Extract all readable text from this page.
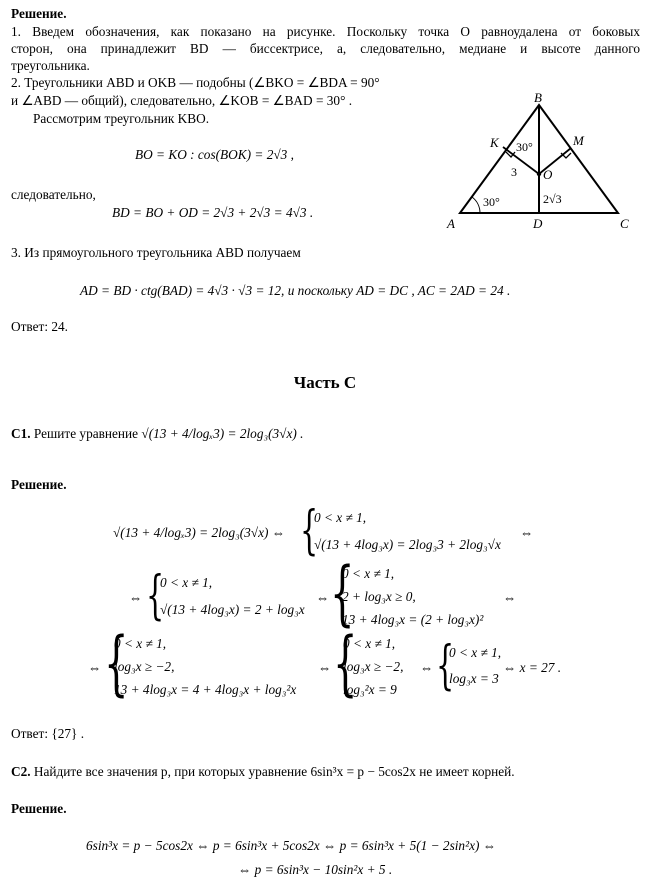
Решение.
1. Введем обозначения, как показано на рисунке. Поскольку точка O равноудалена от боковых
сторон, она принадлежит BD — биссектрисе, а, следовательно, медиане и высоте данного
треугольника.
2. Треугольники ABD и OKB — подобны (∠BKO = ∠BDA = 90°
и ∠ABD — общий), следовательно, ∠KOB = ∠BAD = 30° .
Рассмотрим треугольник KBO.
BO = KO : cos(BOK) = 2√3 ,
следовательно,
BD = BO + OD = 2√3 + 2√3 = 4√3 .
3. Из прямоугольного треугольника ABD получаем
AD = BD · ctg(BAD) = 4√3 · √3 = 12, и поскольку AD = DC , AC = 2AD = 24 .
Ответ: 24.
B
K	M
O
A	D	C
30°
30°
3
2√3
Часть C
C1. Решите уравнение √(13 + 4/logₓ3) = 2log₃(3√x) .
Решение.
√(13 + 4/logₓ3) = 2log₃(3√x) ⇔ {
0 < x ≠ 1,
√(13 + 4log₃x) = 2log₃3 + 2log₃√x
⇔
⇔ {
0 < x ≠ 1,
√(13 + 4log₃x) = 2 + log₃x
⇔ {
0 < x ≠ 1,
2 + log₃x ≥ 0,
13 + 4log₃x = (2 + log₃x)²
⇔
⇔ {
0 < x ≠ 1,
log₃x ≥ −2,
13 + 4log₃x = 4 + 4log₃x + log₃²x
⇔ {
0 < x ≠ 1,
log₃x ≥ −2,
log₃²x = 9
⇔ {
0 < x ≠ 1,
log₃x = 3
⇔ x = 27 .
Ответ: {27} .
C2. Найдите все значения p, при которых уравнение 6sin³x = p − 5cos2x не имеет корней.
Решение.
6sin³x = p − 5cos2x ⇔ p = 6sin³x + 5cos2x ⇔ p = 6sin³x + 5(1 − 2sin²x) ⇔
⇔ p = 6sin³x − 10sin²x + 5 .
